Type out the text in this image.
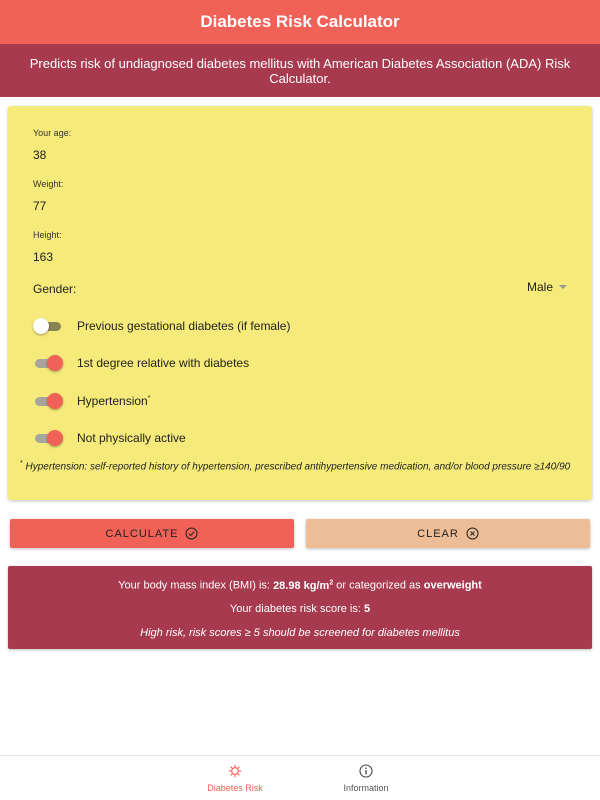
Diabetes Risk Calculator
Predicts risk of undiagnosed diabetes mellitus with American Diabetes Association (ADA) Risk Calculator.
Your age:
38
Weight:
77
Height:
163
Gender:	Male
Previous gestational diabetes (if female)
1st degree relative with diabetes
Hypertension*
Not physically active
* Hypertension: self-reported history of hypertension, prescribed antihypertensive medication, and/or blood pressure ≥140/90
CALCULATE	CLEAR
Your body mass index (BMI) is: 28.98 $kg/m^2$ or categorized as overweight
Your diabetes risk score is: 5
High risk, risk scores ≥ 5 should be screened for diabetes mellitus
Diabetes Risk	Information
